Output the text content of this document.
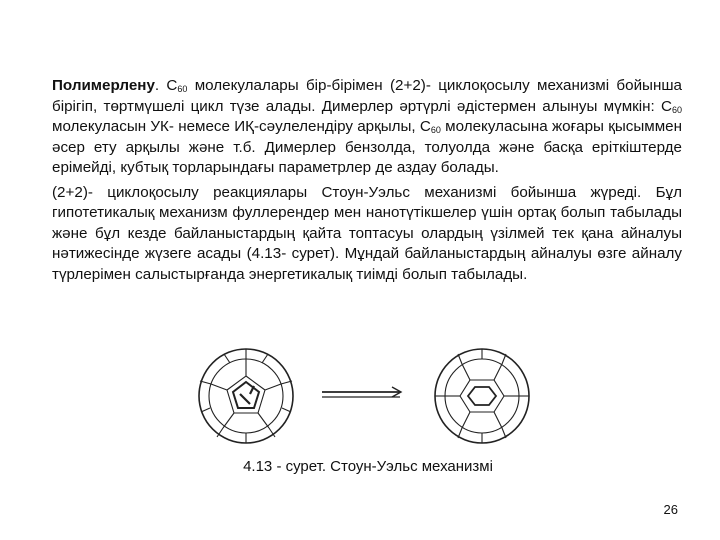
Полимерлену. $C_{60}$ молекулалары бір-бірімен (2+2)- циклоқосылу механизмі бойынша бірігіп, төртмүшелі цикл түзе алады. Димерлер әртүрлі әдістермен алынуы мүмкін: $C_{60}$ молекуласын УК- немесе ИҚ-сәулелендіру арқылы, $C_{60}$ молекуласына жоғары қысыммен әсер ету арқылы және т.б. Димерлер бензолда, толуолда және басқа еріткіштерде ерімейді, кубтық торларындағы параметрлер де аздау болады.

(2+2)- циклоқосылу реакциялары Стоун-Уэльс механизмі бойынша жүреді. Бұл гипотетикалық механизм фуллерендер мен нанотүтікшелер үшін ортақ болып табылады және бұл кезде байланыстардың қайта топтасуы олардың үзілмей тек қана айналуы нәтижесінде жүзеге асады (4.13- сурет). Мұндай байланыстардың айналуы өзге айналу түрлерімен салыстырғанда энергетикалық тиімді болып табылады.

4.13 - сурет. Стоун-Уэльс механизмі
26
